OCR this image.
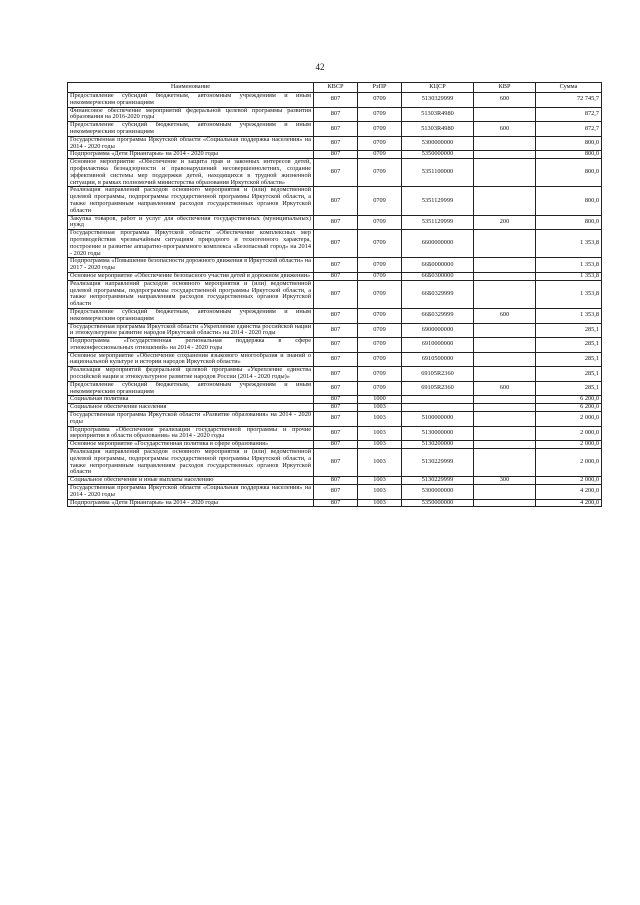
42
Наименование	КВСР	РзПР	КЦСР	КВР	Сумма
Предоставление субсидий бюджетным, автономным учреждениям и иным некоммерческим организациям	807	0709	5130329999	600	72 745,7
Финансовое обеспечение мероприятий федеральной целевой программы развития образования на 2016-2020 годы	807	0709	51303R4980		872,7
Предоставление субсидий бюджетным, автономным учреждениям и иным некоммерческим организациям	807	0709	51303R4980	600	872,7
Государственная программа Иркутской области «Социальная поддержка населения» на 2014 - 2020 годы	807	0709	5300000000		800,0
Подпрограмма «Дети Приангарья» на 2014 - 2020 годы	807	0709	5350000000		800,0
Основное мероприятие «Обеспечение и защита прав и законных интересов детей, профилактика безнадзорности и правонарушений несовершеннолетних, создание эффективной системы мер поддержки детей, находящихся в трудной жизненной ситуации, в рамках полномочий министерства образования Иркутской области»	807	0709	5351100000		800,0
Реализация направлений расходов основного мероприятия и (или) ведомственной целевой программы, подпрограммы государственной программы Иркутской области, а также непрограммным направлениям расходов государственных органов Иркутской области	807	0709	5351129999		800,0
Закупка товаров, работ и услуг для обеспечения государственных (муниципальных) нужд	807	0709	5351129999	200	800,0
Государственная программа Иркутской области «Обеспечение комплексных мер противодействия чрезвычайным ситуациям природного и техногенного характера, построение и развитие аппаратно-программного комплекса «Безопасный город» на 2014 - 2020 годы	807	0709	6600000000		1 353,8
Подпрограмма «Повышение безопасности дорожного движения в Иркутской области» на 2017 - 2020 годы	807	0709	66Б0000000		1 353,8
Основное мероприятие «Обеспечение безопасного участия детей в дорожном движении»	807	0709	66Б0300000		1 353,8
Реализация направлений расходов основного мероприятия и (или) ведомственной целевой программы, подпрограммы государственной программы Иркутской области, а также непрограммным направлениям расходов государственных органов Иркутской области	807	0709	66Б0329999		1 353,8
Предоставление субсидий бюджетным, автономным учреждениям и иным некоммерческим организациям	807	0709	66Б0329999	600	1 353,8
Государственная программа Иркутской области «Укрепление единства российской нации и этнокультурное развитие народов Иркутской области» на 2014 - 2020 годы	807	0709	6900000000		285,1
Подпрограмма «Государственная региональная поддержка в сфере этноконфессиональных отношений» на 2014 - 2020 годы	807	0709	6910000000		285,1
Основное мероприятие «Обеспечение сохранения языкового многообразия и знаний о национальной культуре и истории народов Иркутской области»	807	0709	6910500000		285,1
Реализация мероприятий федеральной целевой программы «Укрепление единства российской нации и этнокультурное развитие народов России (2014 - 2020 годы)»	807	0709	69105R2360		285,1
Предоставление субсидий бюджетным, автономным учреждениям и иным некоммерческим организациям	807	0709	69105R2360	600	285,1
Социальная политика	807	1000			6 200,0
Социальное обеспечение населения	807	1003			6 200,0
Государственная программа Иркутской области «Развитие образования» на 2014 - 2020 годы	807	1003	5100000000		2 000,0
Подпрограмма «Обеспечение реализации государственной программы и прочие мероприятия в области образования» на 2014 - 2020 годы	807	1003	5130000000		2 000,0
Основное мероприятие «Государственная политика в сфере образования»	807	1003	5130200000		2 000,0
Реализация направлений расходов основного мероприятия и (или) ведомственной целевой программы, подпрограммы государственной программы Иркутской области, а также непрограммным направлениям расходов государственных органов Иркутской области	807	1003	5130229999		2 000,0
Социальное обеспечение и иные выплаты населению	807	1003	5130229999	300	2 000,0
Государственная программа Иркутской области «Социальная поддержка населения» на 2014 - 2020 годы	807	1003	5300000000		4 200,0
Подпрограмма «Дети Приангарья» на 2014 - 2020 годы	807	1003	5350000000		4 200,0
